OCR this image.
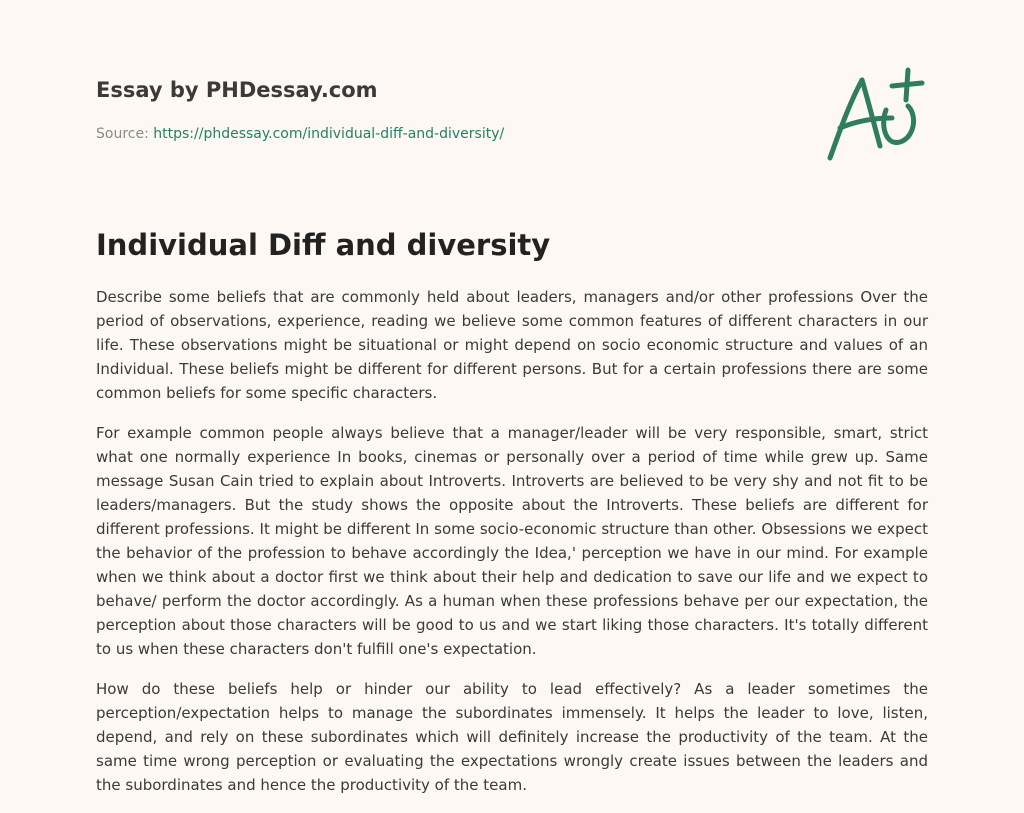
Essay by PHDessay.com

Source: https://phdessay.com/individual-diff-and-diversity/
Individual Diff and diversity

Describe some beliefs that are commonly held about leaders, managers and/or other professions Over the period of observations, experience, reading we believe some common features of different characters in our life. These observations might be situational or might depend on socio economic structure and values of an Individual. These beliefs might be different for different persons. But for a certain professions there are some common beliefs for some specific characters.

For example common people always believe that a manager/leader will be very responsible, smart, strict what one normally experience In books, cinemas or personally over a period of time while grew up. Same message Susan Cain tried to explain about Introverts. Introverts are believed to be very shy and not fit to be leaders/managers. But the study shows the opposite about the Introverts. These beliefs are different for different professions. It might be different In some socio-economic structure than other. Obsessions we expect the behavior of the profession to behave accordingly the Idea,' perception we have in our mind. For example when we think about a doctor first we think about their help and dedication to save our life and we expect to behave/ perform the doctor accordingly. As a human when these professions behave per our expectation, the perception about those characters will be good to us and we start liking those characters. It's totally different to us when these characters don't fulfill one's expectation.

How do these beliefs help or hinder our ability to lead effectively? As a leader sometimes the perception/expectation helps to manage the subordinates immensely. It helps the leader to love, listen, depend, and rely on these subordinates which will definitely increase the productivity of the team. At the same time wrong perception or evaluating the expectations wrongly create issues between the leaders and the subordinates and hence the productivity of the team.
